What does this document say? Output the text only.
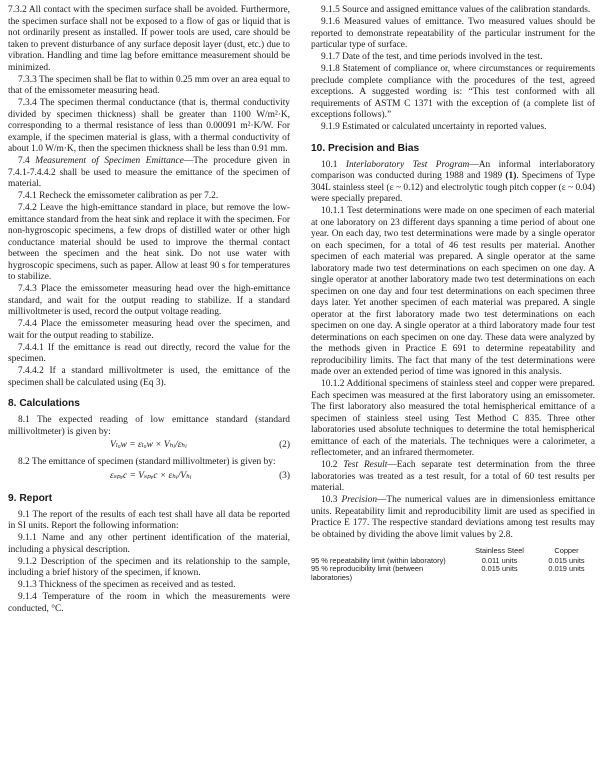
7.3.2 All contact with the specimen surface shall be avoided. Furthermore, the specimen surface shall not be exposed to a flow of gas or liquid that is not ordinarily present as installed. If power tools are used, care should be taken to prevent disturbance of any surface deposit layer (dust, etc.) due to vibration. Handling and time lag before emittance measurement should be minimized.

7.3.3 The specimen shall be flat to within 0.25 mm over an area equal to that of the emissometer measuring head.

7.3.4 The specimen thermal conductance (that is, thermal conductivity divided by specimen thickness) shall be greater than 1100 W/m²·K, corresponding to a thermal resistance of less than 0.00091 m²·K/W. For example, if the specimen material is glass, with a thermal conductivity of about 1.0 W/m·K, then the specimen thickness shall be less than 0.91 mm.

7.4 Measurement of Specimen Emittance—The procedure given in 7.4.1-7.4.4.2 shall be used to measure the emittance of the specimen of material.

7.4.1 Recheck the emissometer calibration as per 7.2.

7.4.2 Leave the high-emittance standard in place, but remove the low-emittance standard from the heat sink and replace it with the specimen. For non-hygroscopic specimens, a few drops of distilled water or other high conductance material should be used to improve the thermal contact between the specimen and the heat sink. Do not use water with hygroscopic specimens, such as paper. Allow at least 90 s for temperatures to stabilize.

7.4.3 Place the emissometer measuring head over the high-emittance standard, and wait for the output reading to stabilize. If a standard millivoltmeter is used, record the output voltage reading.

7.4.4 Place the emissometer measuring head over the specimen, and wait for the output reading to stabilize.

7.4.4.1 If the emittance is read out directly, record the value for the specimen.

7.4.4.2 If a standard millivoltmeter is used, the emittance of the specimen shall be calculated using (Eq 3).

8. Calculations

8.1 The expected reading of low emittance standard (standard millivoltmeter) is given by:

Vₗₒw = εₗₒw × Vₕᵢ/εₕᵢ	(2)

8.2 The emittance of specimen (standard millivoltmeter) is given by:

εₛₚₑc = Vₛₚₑc × εₕᵢ/Vₕᵢ	(3)
9. Report

9.1 The report of the results of each test shall have all data be reported in SI units. Report the following information:

9.1.1 Name and any other pertinent identification of the material, including a physical description.

9.1.2 Description of the specimen and its relationship to the sample, including a brief history of the specimen, if known.

9.1.3 Thickness of the specimen as received and as tested.

9.1.4 Temperature of the room in which the measurements were conducted, °C.

9.1.5 Source and assigned emittance values of the calibration standards.

9.1.6 Measured values of emittance. Two measured values should be reported to demonstrate repeatability of the particular instrument for the particular type of surface.

9.1.7 Date of the test, and time periods involved in the test.

9.1.8 Statement of compliance or, where circumstances or requirements preclude complete compliance with the procedures of the test, agreed exceptions. A suggested wording is: “This test conformed with all requirements of ASTM C 1371 with the exception of (a complete list of exceptions follows).”

9.1.9 Estimated or calculated uncertainty in reported values.

10. Precision and Bias

10.1 Interlaboratory Test Program—An informal interlaboratory comparison was conducted during 1988 and 1989 (1). Specimens of Type 304L stainless steel (ε ~ 0.12) and electrolytic tough pitch copper (ε ~ 0.04) were specially prepared.

10.1.1 Test determinations were made on one specimen of each material at one laboratory on 23 different days spanning a time period of about one year. On each day, two test determinations were made by a single operator on each specimen, for a total of 46 test results per material. Another specimen of each material was prepared. A single operator at the same laboratory made two test determinations on each specimen on one day. A single operator at another laboratory made two test determinations on each specimen on one day and four test determinations on each specimen three days later. Yet another specimen of each material was prepared. A single operator at the first laboratory made two test determinations on each specimen on one day. A single operator at a third laboratory made four test determinations on each specimen on one day. These data were analyzed by the methods given in Practice E 691 to determine repeatability and reproducibility limits. The fact that many of the test determinations were made over an extended period of time was ignored in this analysis.

10.1.2 Additional specimens of stainless steel and copper were prepared. Each specimen was measured at the first laboratory using an emissometer. The first laboratory also measured the total hemispherical emittance of a specimen of stainless steel using Test Method C 835. Three other laboratories used absolute techniques to determine the total hemispherical emittance of each of the materials. The techniques were a calorimeter, a reflectometer, and an infrared thermometer.

10.2 Test Result—Each separate test determination from the three laboratories was treated as a test result, for a total of 60 test results per material.

10.3 Precision—The numerical values are in dimensionless emittance units. Repeatability limit and reproducibility limit are used as specified in Practice E 177. The respective standard deviations among test results may be obtained by dividing the above limit values by 2.8.

	Stainless Steel	Copper
95 % repeatability limit (within laboratory)	0.011 units	0.015 units
95 % reproducibility limit (between laboratories)	0.015 units	0.019 units
